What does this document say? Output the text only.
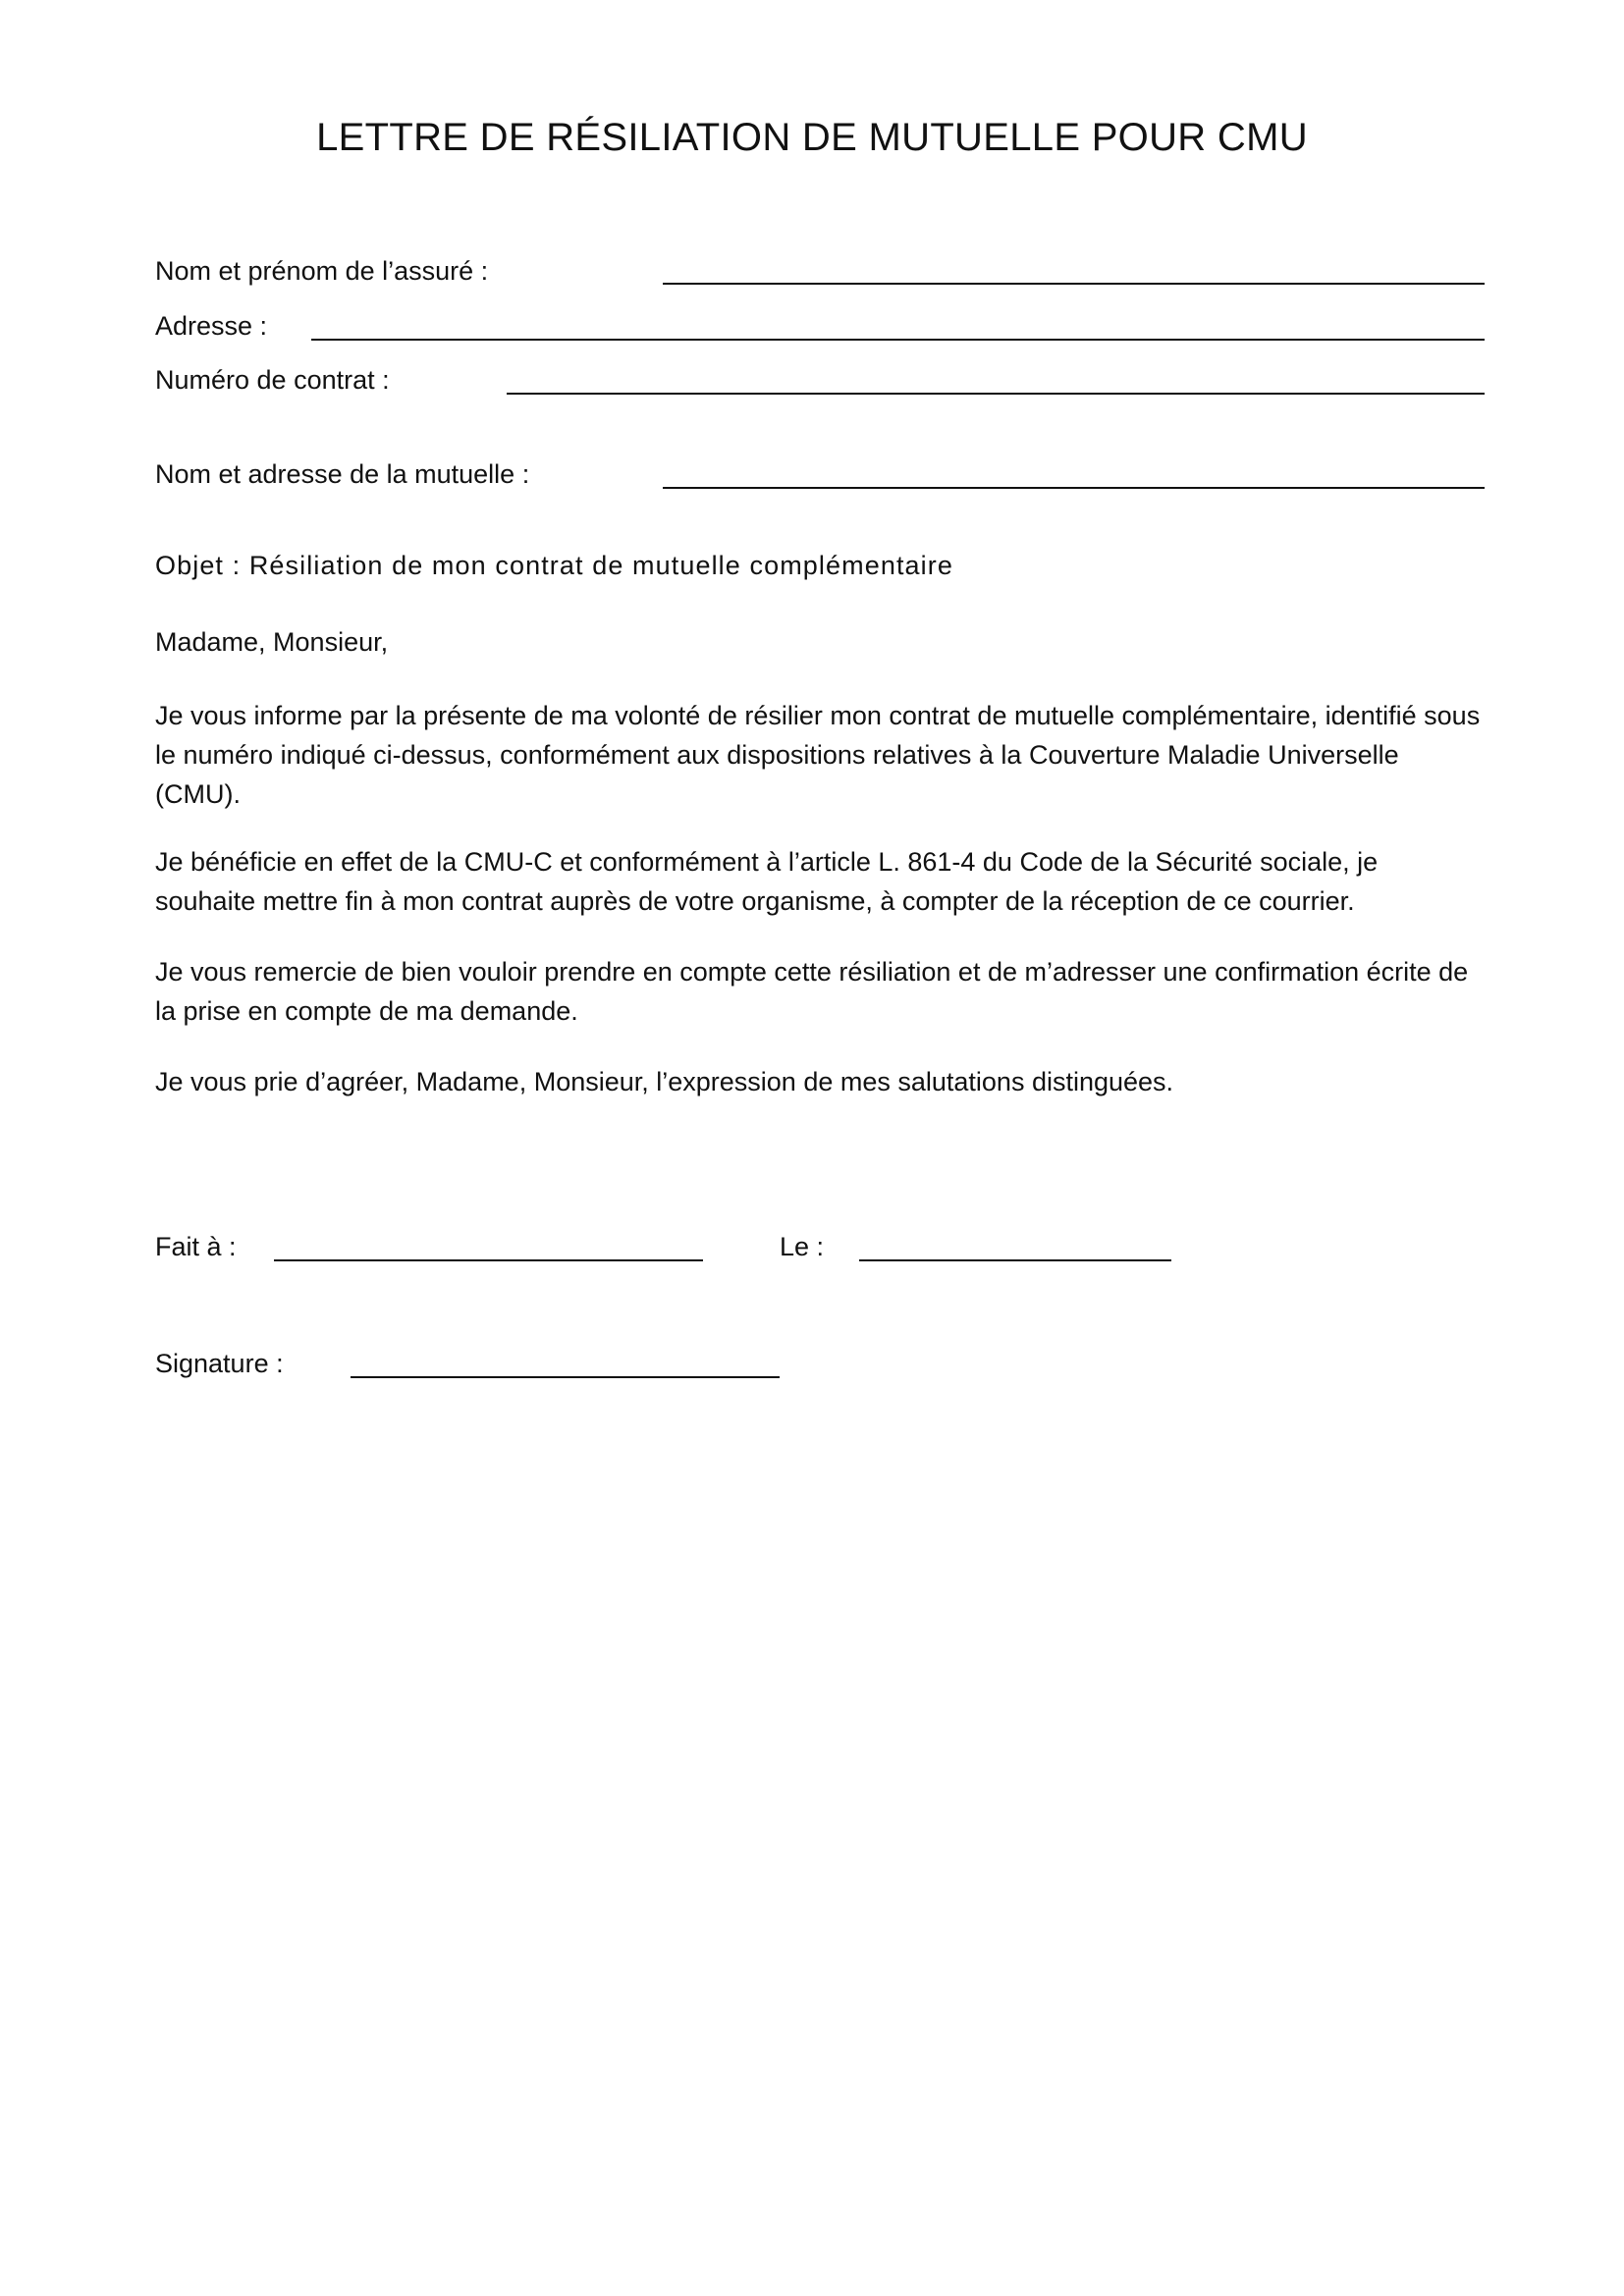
LETTRE DE RÉSILIATION DE MUTUELLE POUR CMU
Nom et prénom de l’assuré :
Adresse :
Numéro de contrat :
Nom et adresse de la mutuelle :
Objet : Résiliation de mon contrat de mutuelle complémentaire
Madame, Monsieur,

Je vous informe par la présente de ma volonté de résilier mon contrat de mutuelle complémentaire, identifié sous le numéro indiqué ci-dessus, conformément aux dispositions relatives à la Couverture Maladie Universelle (CMU).

Je bénéficie en effet de la CMU-C et conformément à l’article L. 861-4 du Code de la Sécurité sociale, je souhaite mettre fin à mon contrat auprès de votre organisme, à compter de la réception de ce courrier.

Je vous remercie de bien vouloir prendre en compte cette résiliation et de m’adresser une confirmation écrite de la prise en compte de ma demande.

Je vous prie d’agréer, Madame, Monsieur, l’expression de mes salutations distinguées.

Fait à :	Le :
Signature :
